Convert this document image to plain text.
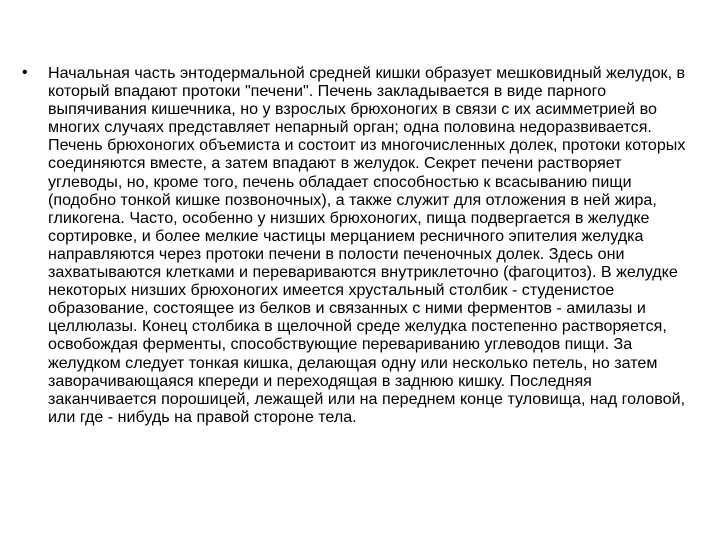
• Начальная часть энтодермальной средней кишки образует мешковидный желудок, в который впадают протоки "печени". Печень закладывается в виде парного выпячивания кишечника, но у взрослых брюхоногих в связи с их асимметрией во многих случаях представляет непарный орган; одна половина недоразвивается. Печень брюхоногих объемиста и состоит из многочисленных долек, протоки которых соединяются вместе, а затем впадают в желудок. Секрет печени растворяет углеводы, но, кроме того, печень обладает способностью к всасыванию пищи (подобно тонкой кишке позвоночных), а также служит для отложения в ней жира, гликогена. Часто, особенно у низших брюхоногих, пища подвергается в желудке сортировке, и более мелкие частицы мерцанием ресничного эпителия желудка направляются через протоки печени в полости печеночных долек. Здесь они захватываются клетками и перевариваются внутриклеточно (фагоцитоз). В желудке некоторых низших брюхоногих имеется хрустальный столбик - студенистое образование, состоящее из белков и связанных с ними ферментов - амилазы и целлюлазы. Конец столбика в щелочной среде желудка постепенно растворяется, освобождая ферменты, способствующие перевариванию углеводов пищи. За желудком следует тонкая кишка, делающая одну или несколько петель, но затем заворачивающаяся кпереди и переходящая в заднюю кишку. Последняя заканчивается порошицей, лежащей или на переднем конце туловища, над головой, или где - нибудь на правой стороне тела.
